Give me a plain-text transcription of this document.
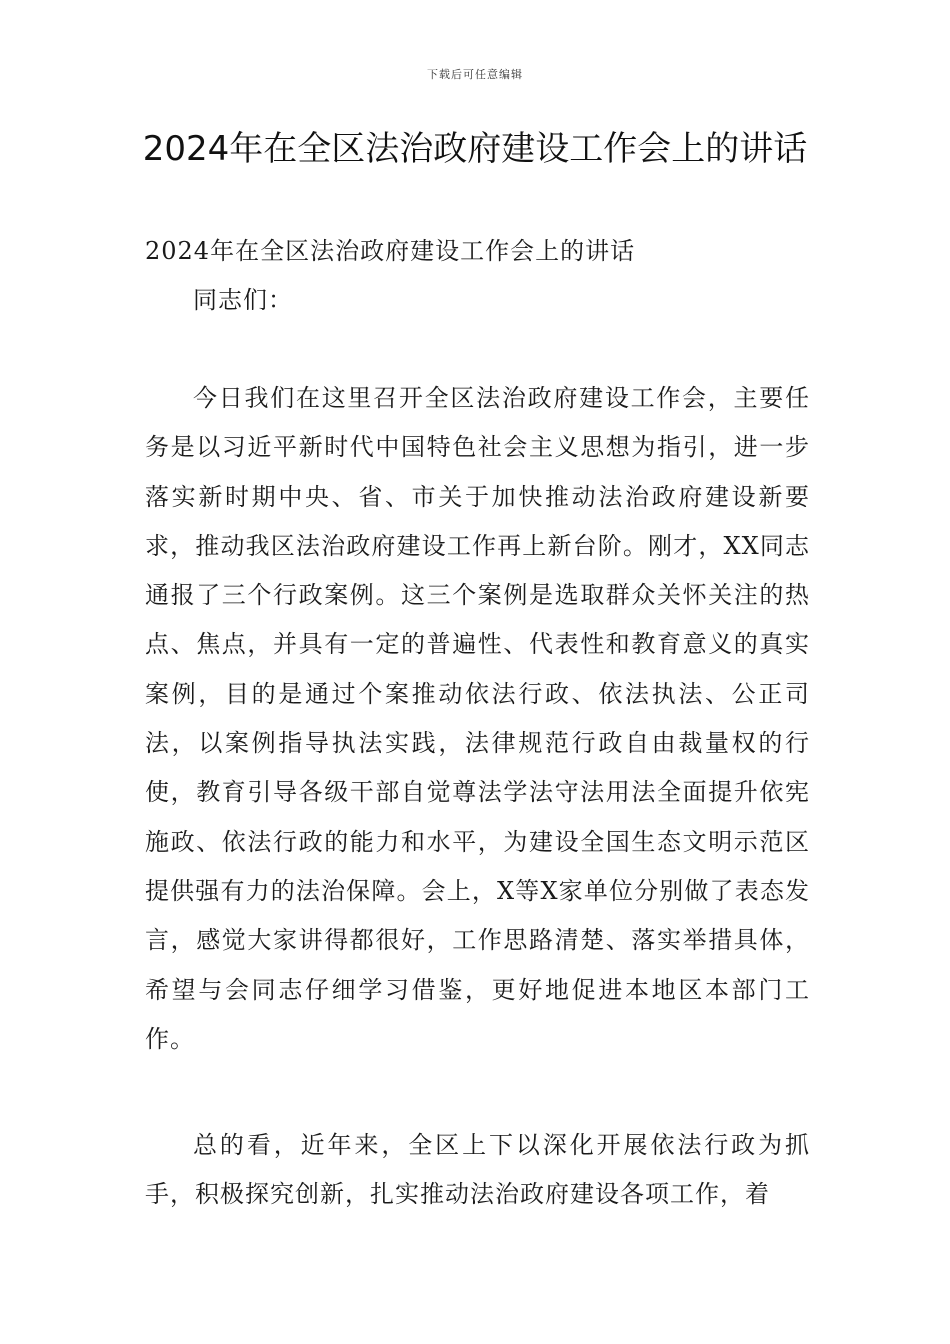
下载后可任意编辑
2024年在全区法治政府建设工作会上的讲话

2024年在全区法治政府建设工作会上的讲话

同志们：

今日我们在这里召开全区法治政府建设工作会，主要任务是以习近平新时代中国特色社会主义思想为指引，进一步落实新时期中央、省、市关于加快推动法治政府建设新要求，推动我区法治政府建设工作再上新台阶。刚才，XX同志通报了三个行政案例。这三个案例是选取群众关怀关注的热点、焦点，并具有一定的普遍性、代表性和教育意义的真实案例，目的是通过个案推动依法行政、依法执法、公正司法，以案例指导执法实践，法律规范行政自由裁量权的行使，教育引导各级干部自觉尊法学法守法用法全面提升依宪施政、依法行政的能力和水平，为建设全国生态文明示范区提供强有力的法治保障。会上，X等X家单位分别做了表态发言，感觉大家讲得都很好，工作思路清楚、落实举措具体，希望与会同志仔细学习借鉴，更好地促进本地区本部门工作。

总的看，近年来，全区上下以深化开展依法行政为抓手，积极探究创新，扎实推动法治政府建设各项工作，着
